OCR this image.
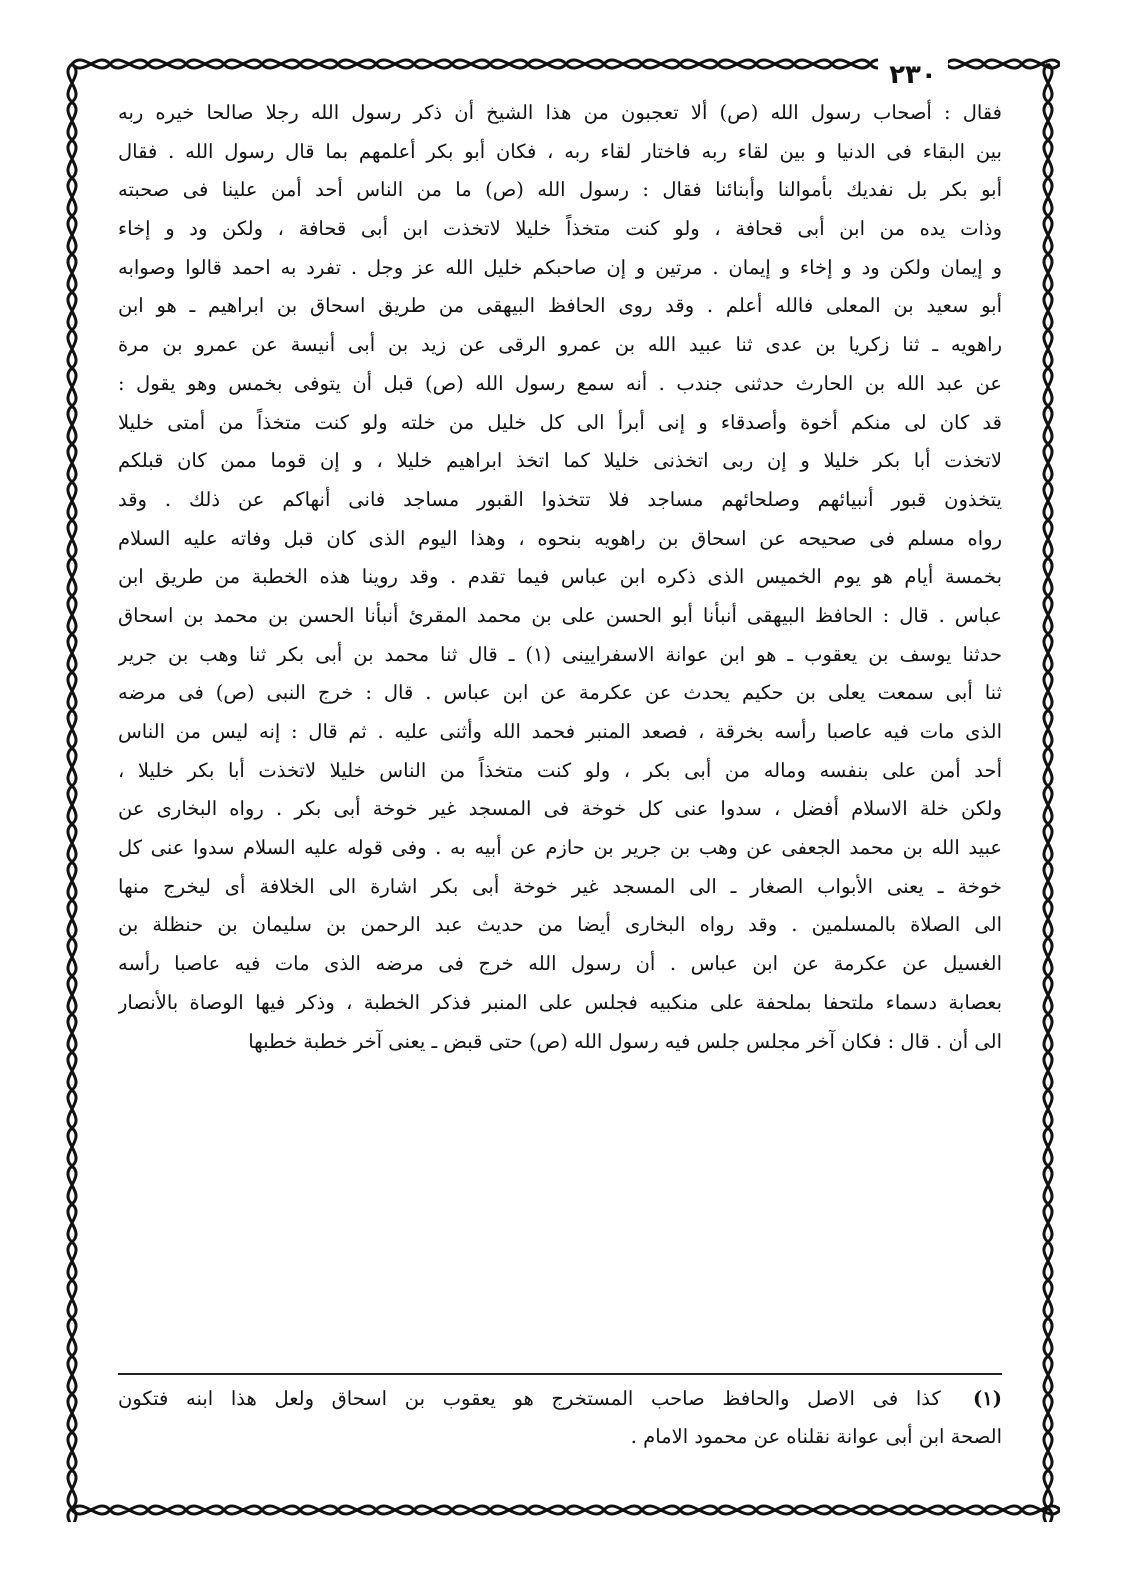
٢٣٠
فقال : أصحاب رسول الله (ص) ألا تعجبون من هذا الشيخ أن ذكر رسول الله رجلا صالحا خيره ربه
بين البقاء فى الدنيا و بين لقاء ربه فاختار لقاء ربه ، فكان أبو بكر أعلمهم بما قال رسول الله . فقال
أبو بكر بل نفديك بأموالنا وأبنائنا فقال : رسول الله (ص) ما من الناس أحد أمن علينا فى صحبته
وذات يده من ابن أبى قحافة ، ولو كنت متخذاً خليلا لاتخذت ابن أبى قحافة ، ولكن ود و إخاء
و إيمان ولكن ود و إخاء و إيمان . مرتين و إن صاحبكم خليل الله عز وجل . تفرد به احمد قالوا وصوابه
أبو سعيد بن المعلى فالله أعلم . وقد روى الحافظ البيهقى من طريق اسحاق بن ابراهيم ـ هو ابن
راهويه ـ ثنا زكريا بن عدى ثنا عبيد الله بن عمرو الرقى عن زيد بن أبى أنيسة عن عمرو بن مرة
عن عبد الله بن الحارث حدثنى جندب . أنه سمع رسول الله (ص) قبل أن يتوفى بخمس وهو يقول :
قد كان لى منكم أخوة وأصدقاء و إنى أبرأ الى كل خليل من خلته ولو كنت متخذاً من أمتى خليلا
لاتخذت أبا بكر خليلا و إن ربى اتخذنى خليلا كما اتخذ ابراهيم خليلا ، و إن قوما ممن كان قبلكم
يتخذون قبور أنبيائهم وصلحائهم مساجد فلا تتخذوا القبور مساجد فانى أنهاكم عن ذلك . وقد
رواه مسلم فى صحيحه عن اسحاق بن راهويه بنحوه ، وهذا اليوم الذى كان قبل وفاته عليه السلام
بخمسة أيام هو يوم الخميس الذى ذكره ابن عباس فيما تقدم . وقد روينا هذه الخطبة من طريق ابن
عباس . قال : الحافظ البيهقى أنبأنا أبو الحسن على بن محمد المقرئ أنبأنا الحسن بن محمد بن اسحاق
حدثنا يوسف بن يعقوب ـ هو ابن عوانة الاسفرايينى (١) ـ قال ثنا محمد بن أبى بكر ثنا وهب بن جرير
ثنا أبى سمعت يعلى بن حكيم يحدث عن عكرمة عن ابن عباس . قال : خرج النبى (ص) فى مرضه
الذى مات فيه عاصبا رأسه بخرقة ، فصعد المنبر فحمد الله وأثنى عليه . ثم قال : إنه ليس من الناس
أحد أمن على بنفسه وماله من أبى بكر ، ولو كنت متخذاً من الناس خليلا لاتخذت أبا بكر خليلا ،
ولكن خلة الاسلام أفضل ، سدوا عنى كل خوخة فى المسجد غير خوخة أبى بكر . رواه البخارى عن
عبيد الله بن محمد الجعفى عن وهب بن جرير بن حازم عن أبيه به . وفى قوله عليه السلام سدوا عنى كل
خوخة ـ يعنى الأبواب الصغار ـ الى المسجد غير خوخة أبى بكر اشارة الى الخلافة أى ليخرج منها
الى الصلاة بالمسلمين . وقد رواه البخارى أيضا من حديث عبد الرحمن بن سليمان بن حنظلة بن
الغسيل عن عكرمة عن ابن عباس . أن رسول الله خرج فى مرضه الذى مات فيه عاصبا رأسه
بعصابة دسماء ملتحفا بملحفة على منكبيه فجلس على المنبر فذكر الخطبة ، وذكر فيها الوصاة بالأنصار
الى أن . قال : فكان آخر مجلس جلس فيه رسول الله (ص) حتى قبض ـ يعنى آخر خطبة خطبها
(١) كذا فى الاصل والحافظ صاحب المستخرج هو يعقوب بن اسحاق ولعل هذا ابنه فتكون
الصحة ابن أبى عوانة نقلناه عن محمود الامام .
